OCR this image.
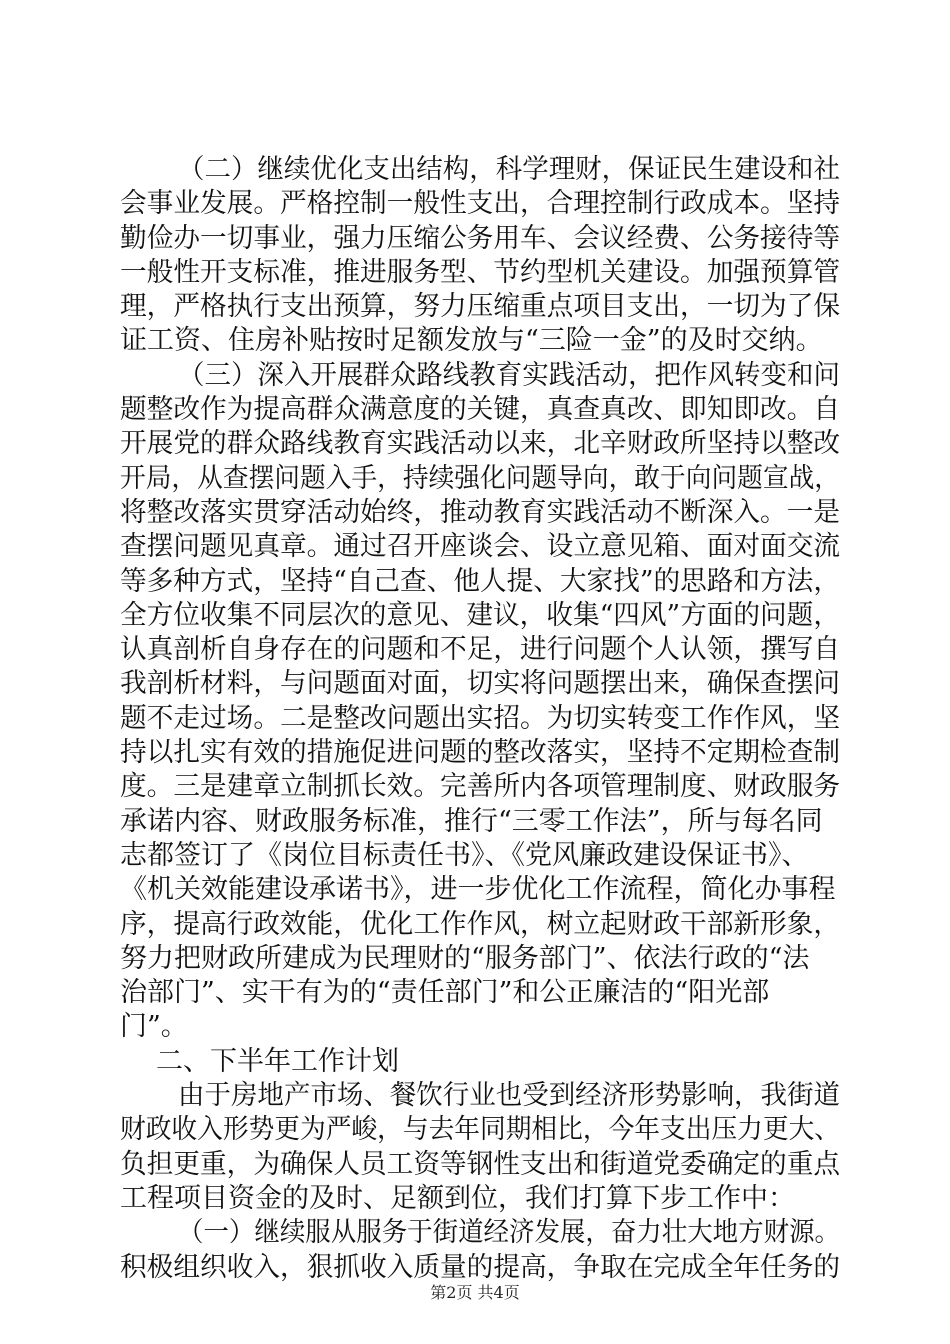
（二）继续优化支出结构，科学理财，保证民生建设和社
会事业发展。严格控制一般性支出，合理控制行政成本。坚持
勤俭办一切事业，强力压缩公务用车、会议经费、公务接待等
一般性开支标准，推进服务型、节约型机关建设。加强预算管
理，严格执行支出预算，努力压缩重点项目支出，一切为了保
证工资、住房补贴按时足额发放与“三险一金”的及时交纳。
（三）深入开展群众路线教育实践活动，把作风转变和问
题整改作为提高群众满意度的关键，真查真改、即知即改。自
开展党的群众路线教育实践活动以来，北辛财政所坚持以整改
开局，从查摆问题入手，持续强化问题导向，敢于向问题宣战，
将整改落实贯穿活动始终，推动教育实践活动不断深入。一是
查摆问题见真章。通过召开座谈会、设立意见箱、面对面交流
等多种方式，坚持“自己查、他人提、大家找”的思路和方法，
全方位收集不同层次的意见、建议，收集“四风”方面的问题，
认真剖析自身存在的问题和不足，进行问题个人认领，撰写自
我剖析材料，与问题面对面，切实将问题摆出来，确保查摆问
题不走过场。二是整改问题出实招。为切实转变工作作风，坚
持以扎实有效的措施促进问题的整改落实，坚持不定期检查制
度。三是建章立制抓长效。完善所内各项管理制度、财政服务
承诺内容、财政服务标准，推行“三零工作法”，所与每名同
志都签订了《岗位目标责任书》、《党风廉政建设保证书》、
《机关效能建设承诺书》，进一步优化工作流程，简化办事程
序，提高行政效能，优化工作作风，树立起财政干部新形象，
努力把财政所建成为民理财的“服务部门”、依法行政的“法
治部门”、实干有为的“责任部门”和公正廉洁的“阳光部
门”。
二、下半年工作计划
由于房地产市场、餐饮行业也受到经济形势影响，我街道
财政收入形势更为严峻，与去年同期相比，今年支出压力更大、
负担更重，为确保人员工资等钢性支出和街道党委确定的重点
工程项目资金的及时、足额到位，我们打算下步工作中：
（一）继续服从服务于街道经济发展，奋力壮大地方财源。
积极组织收入，狠抓收入质量的提高，争取在完成全年任务的
第2页 共4页
